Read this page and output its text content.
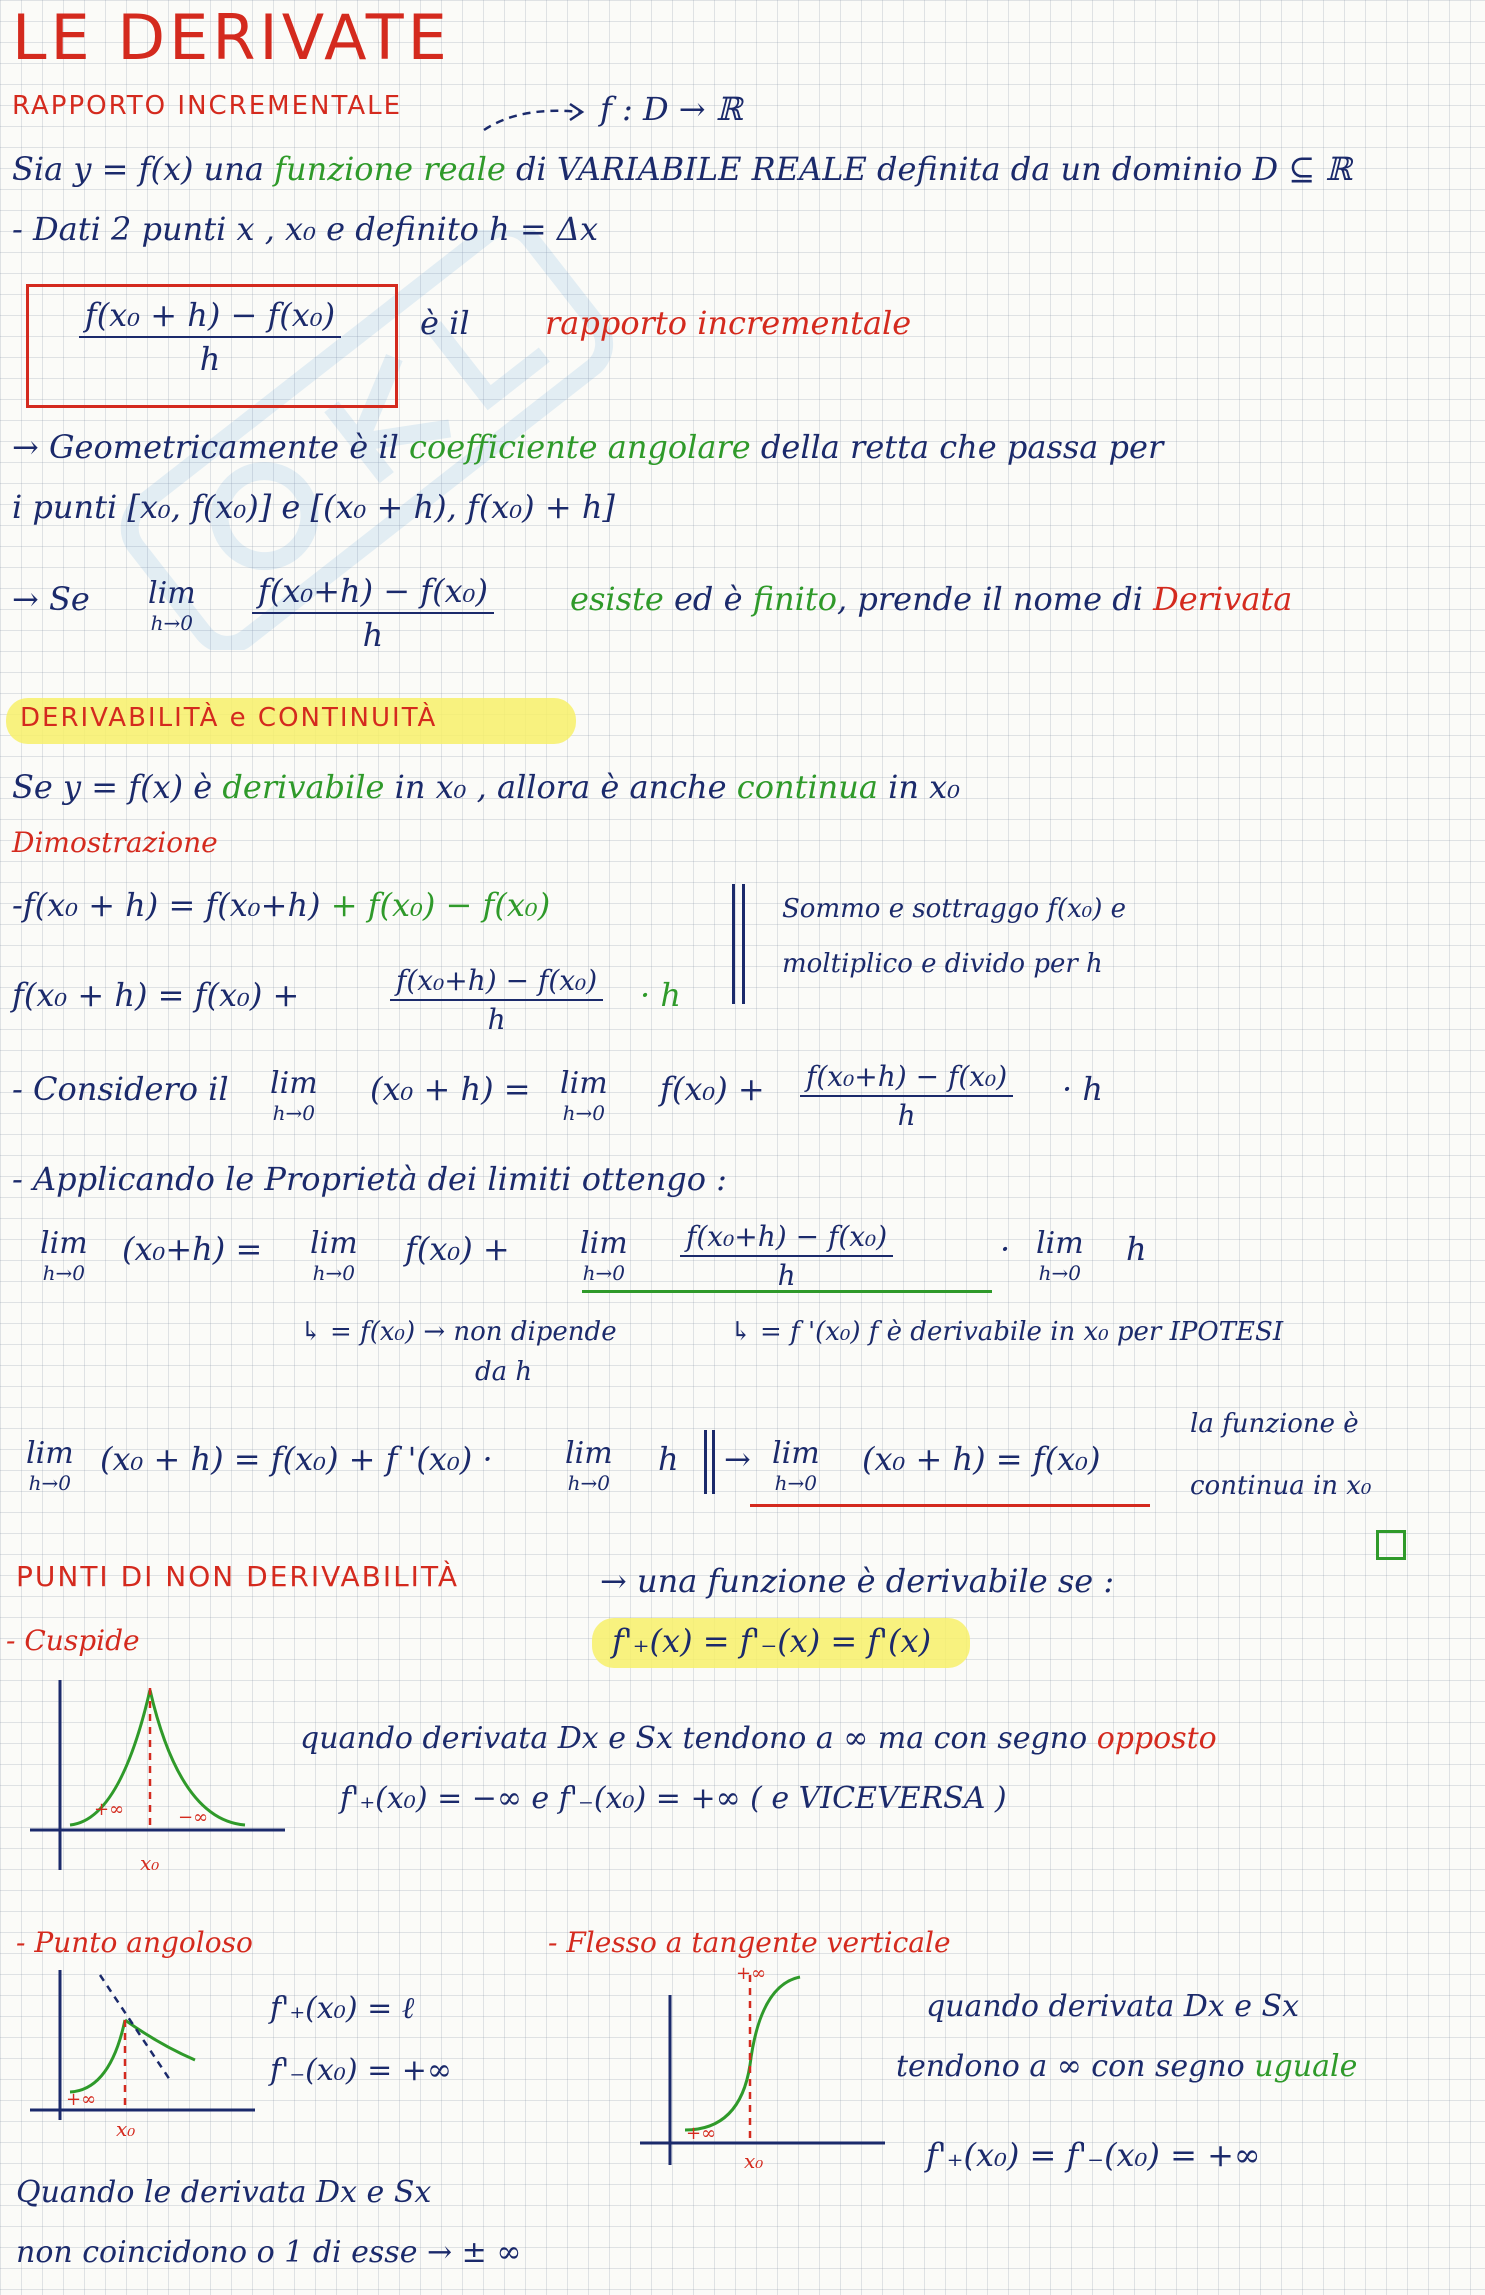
LE DERIVATE
RAPPORTO INCREMENTALE	f : D → ℝ
Sia y = f(x) una funzione reale di VARIABILE REALE definita da un dominio D ⊆ ℝ
- Dati 2 punti x , x₀ e definito h = Δx
$\frac{\text{f(x₀ + h) − f(x₀)}}{h}$ è il rapporto incrementale
→ Geometricamente è il coefficiente angolare della retta che passa per
i punti [x₀, f(x₀)] e [(x₀ + h), f(x₀) + h]
→ Se lim
$h\to 0 \frac{\text{f(x₀+h) − f(x₀)}}{h}$ esiste ed è finito, prende il nome di Derivata
DERIVABILITÀ e CONTINUITÀ
Se y = f(x) è derivabile in x₀ , allora è anche continua in x₀
Dimostrazione
-f(x₀ + h) = f(x₀+h) + f(x₀) − f(x₀)
f(x₀ + h) = f(x₀) +	$\frac{\text{f(x₀+h) − f(x₀)}}{h} \cdot h$
Sommo e sottraggo f(x₀) e
moltiplico e divido per h
- Considero il lim
h→0
(x₀ + h) = lim
h→0
$f(x_0) + \frac{\text{f(x₀+h) − f(x₀)}}{h} \cdot h$
- Applicando le Proprietà dei limiti ottengo :
lim
h→0
(x₀+h) = lim
h→0
f(x₀) + lim
$h\to 0 \frac{\text{f(x₀+h) − f(x₀)}}{h}$	· lim
h→0
h
↳ = f(x₀) → non dipende
da h
↳ = f '(x₀) f è derivabile in x₀ per IPOTESI
lim
h→0
(x₀ + h) = f(x₀) + f '(x₀) · lim
h→0
h → lim
h→0
(x₀ + h) = f(x₀)
la funzione è
continua in x₀
PUNTI DI NON DERIVABILITÀ	→ una funzione è derivabile se :
f'₊(x) = f'₋(x) = f'(x)
- Cuspide
+∞	−∞
x₀
quando derivata Dx e Sx tendono a ∞ ma con segno opposto
f'₊(x₀) = −∞ e f'₋(x₀) = +∞ ( e VICEVERSA )
- Punto angoloso
+∞
x₀
f'₊(x₀) = ℓ
f'₋(x₀) = +∞
- Flesso a tangente verticale
+∞
+∞
x₀
quando derivata Dx e Sx
tendono a ∞ con segno uguale
f'₊(x₀) = f'₋(x₀) = +∞
Quando le derivata Dx e Sx
non coincidono o 1 di esse → ± ∞
